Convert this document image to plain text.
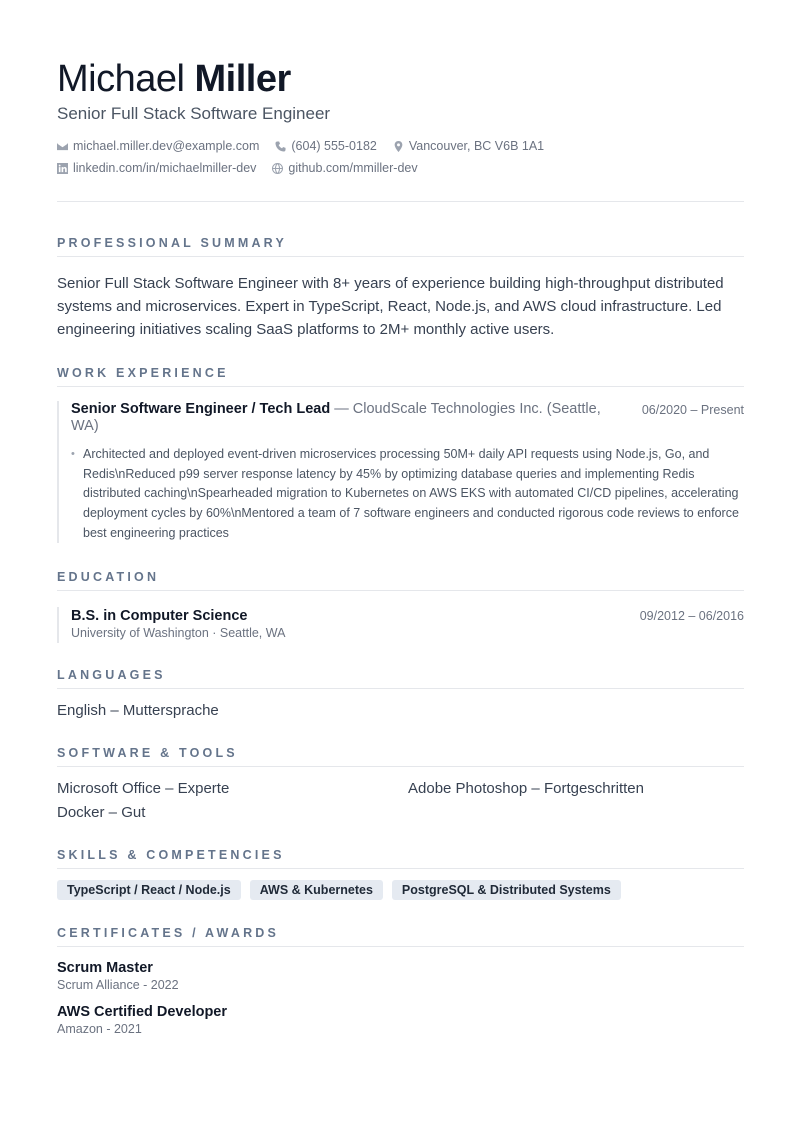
Michael Miller
Senior Full Stack Software Engineer
michael.miller.dev@example.com	(604) 555-0182	Vancouver, BC V6B 1A1
linkedin.com/in/michaelmiller-dev	github.com/mmiller-dev
PROFESSIONAL SUMMARY

Senior Full Stack Software Engineer with 8+ years of experience building high-throughput distributed systems and microservices. Expert in TypeScript, React, Node.js, and AWS cloud infrastructure. Led engineering initiatives scaling SaaS platforms to 2M+ monthly active users.

WORK EXPERIENCE
Senior Software Engineer / Tech Lead — CloudScale Technologies Inc. (Seattle, WA)
• Architected and deployed event-driven microservices processing 50M+ daily API requests using Node.js, Go, and Redis\nReduced p99 server response latency by 45% by optimizing database queries and implementing Redis distributed caching\nSpearheaded migration to Kubernetes on AWS EKS with automated CI/CD pipelines, accelerating deployment cycles by 60%\nMentored a team of 7 software engineers and conducted rigorous code reviews to enforce best engineering practices
06/2020 – Present
EDUCATION
B.S. in Computer Science
University of Washington · Seattle, WA
09/2012 – 06/2016
LANGUAGES
English – Muttersprache
SOFTWARE & TOOLS
Microsoft Office – Experte	Adobe Photoshop – Fortgeschritten
Docker – Gut
SKILLS & COMPETENCIES
TypeScript / React / Node.js	AWS & Kubernetes	PostgreSQL & Distributed Systems
CERTIFICATES / AWARDS
Scrum Master
Scrum Alliance - 2022
AWS Certified Developer
Amazon - 2021
